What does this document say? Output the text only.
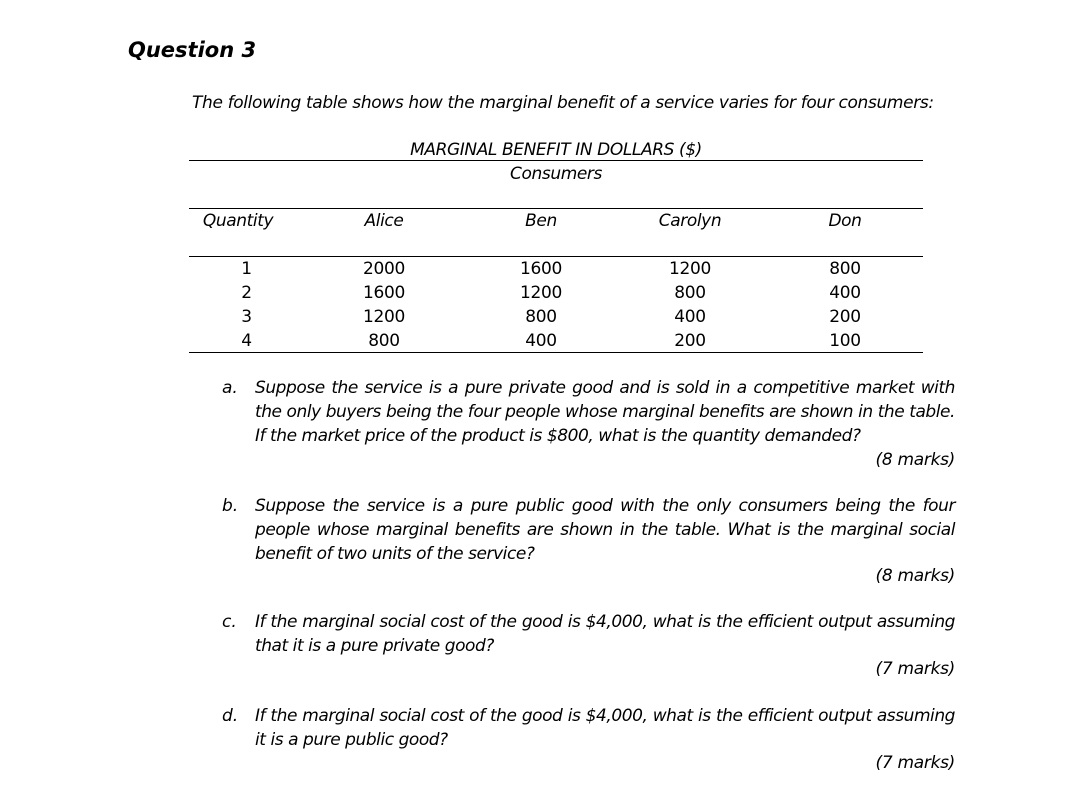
Question 3
The following table shows how the marginal benefit of a service varies for four consumers:
MARGINAL BENEFIT IN DOLLARS ($)
Consumers
Quantity	Alice	Ben	Carolyn	Don
1	2000	1600	1200	800
2	1600	1200	800	400
3	1200	800	400	200
4	800	400	200	100
a. Suppose the service is a pure private good and is sold in a competitive market with the only buyers being the four people whose marginal benefits are shown in the table. If the market price of the product is $800, what is the quantity demanded?
(8 marks)
b. Suppose the service is a pure public good with the only consumers being the four people whose marginal benefits are shown in the table. What is the marginal social benefit of two units of the service?
(8 marks)
c. If the marginal social cost of the good is $4,000, what is the efficient output assuming that it is a pure private good?
(7 marks)
d. If the marginal social cost of the good is $4,000, what is the efficient output assuming it is a pure public good?
(7 marks)
